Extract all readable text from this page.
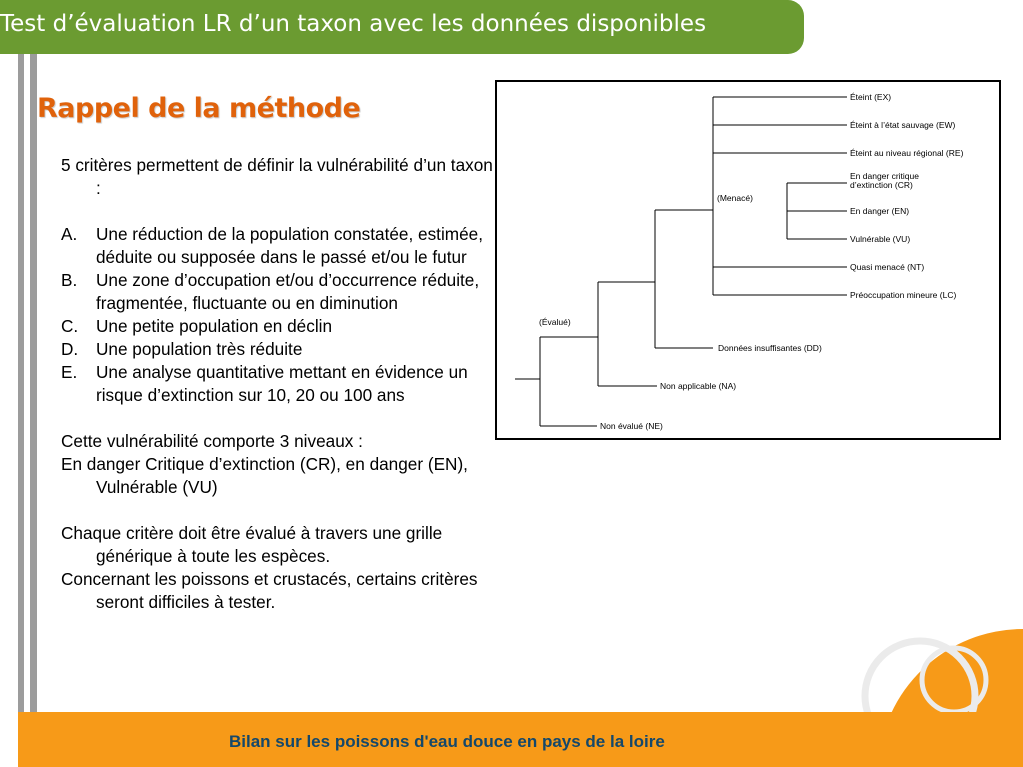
Test d’évaluation LR d’un taxon avec les données disponibles
Rappel de la méthode

5 critères permettent de définir la vulnérabilité d’un taxon :

A. Une réduction de la population constatée, estimée, déduite ou supposée dans le passé et/ou le futur
B. Une zone d’occupation et/ou d’occurrence réduite, fragmentée, fluctuante ou en diminution
C. Une petite population en déclin
D. Une population très réduite
E. Une analyse quantitative mettant en évidence un risque d’extinction sur 10, 20 ou 100 ans

Cette vulnérabilité comporte 3 niveaux :

En danger Critique d’extinction (CR), en danger (EN), Vulnérable (VU)

Chaque critère doit être évalué à travers une grille générique à toute les espèces.

Concernant les poissons et crustacés, certains critères seront difficiles à tester.

(Évalué)
(Menacé)
Éteint (EX)
Éteint à l’état sauvage (EW)
Éteint au niveau régional (RE)
En danger critique
d’extinction (CR)
En danger (EN)
Vulnérable (VU)
Quasi menacé (NT)
Préoccupation mineure (LC)
Données insuffisantes (DD)
Non applicable (NA)
Non évalué (NE)
Bilan sur les poissons d'eau douce en pays de la loire
